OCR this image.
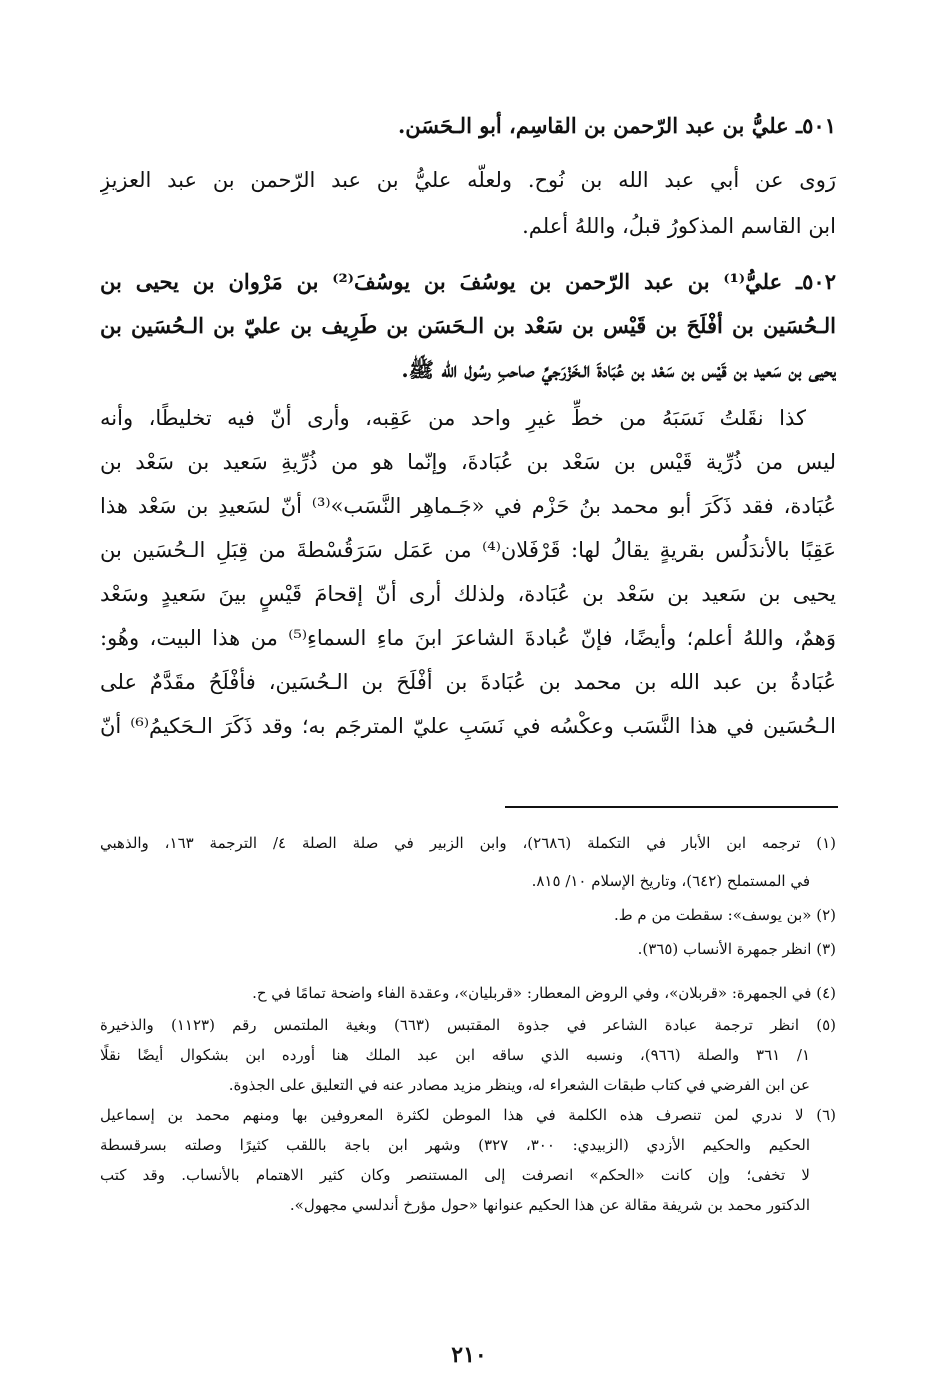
٥٠١ـ عليُّ بن عبد الرّحمن بن القاسِم، أبو الـحَسَن.
رَوى عن أبي عبد الله بن نُوح. ولعلّه عليُّ بن عبد الرّحمن بن عبد العزيزِ
ابن القاسم المذكورُ قبلُ، واللهُ أعلم.
٥٠٢ـ عليُّ⁽¹⁾ بن عبد الرّحمن بن يوسُفَ بن يوسُفَ⁽²⁾ بن مَرْوان بن يحيى بن
الـحُسَين بن أفْلَحَ بن قَيْس بن سَعْد بن الـحَسَن بن طَرِيف بن عليّ بن الـحُسَين بن
يحيى بن سَعيد بن قَيْس بن سَعْد بن عُبَادةَ الـخَزْرَجيِّ صاحبِ رسُول الله ﷺ.
كذا نقَلتُ نَسَبَهُ من خطِّ غيرِ واحد من عَقِبه، وأرى أنّ فيه تخليطًا، وأنه
ليس من ذُرِّية قَيْس بن سَعْد بن عُبَادةَ، وإنّما هو من ذُرِّيةِ سَعيد بن سَعْد بن
عُبَادة، فقد ذَكَرَ أبو محمد بنُ حَزْم في «جَـماهِر النَّسَب»⁽³⁾ أنّ لسَعيدِ بن سَعْد هذا
عَقِبًا بالأندَلُس بقريةٍ يقالُ لها: قَرْفَلان⁽⁴⁾ من عَمَل سَرَقُسْطةَ من قِبَلِ الـحُسَين بن
يحيى بن سَعيد بن سَعْد بن عُبَادة، ولذلك أرى أنّ إقحامَ قَيْسٍ بينَ سَعيدٍ وسَعْد
وَهمٌ، واللهُ أعلم؛ وأيضًا، فإنّ عُبادةَ الشاعرَ ابنَ ماءِ السماءِ⁽⁵⁾ من هذا البيت، وهُو:
عُبَادةُ بن عبد الله بن محمد بن عُبَادةَ بن أفْلَحَ بن الـحُسَين، فأفْلَحُ مقَدَّمٌ على
الـحُسَين في هذا النَّسَب وعكْسُه في نَسَبِ عليّ المترجَم به؛ وقد ذَكَرَ الـحَكيمُ⁽⁶⁾ أنّ
(١) ترجمه ابن الأبار في التكملة (٢٦٨٦)، وابن الزبير في صلة الصلة ٤/ الترجمة ١٦٣، والذهبي
في المستملح (٦٤٢)، وتاريخ الإسلام ١٠/ ٨١٥.
(٢) «بن يوسف»: سقطت من م ط.
(٣) انظر جمهرة الأنساب (٣٦٥).
(٤) في الجمهرة: «قربلان»، وفي الروض المعطار: «قربليان»، وعقدة الفاء واضحة تمامًا في ح.
(٥) انظر ترجمة عبادة الشاعر في جذوة المقتبس (٦٦٣) وبغية الملتمس رقم (١١٢٣) والذخيرة
١/ ٣٦١ والصلة (٩٦٦)، ونسبه الذي ساقه ابن عبد الملك هنا أورده ابن بشكوال أيضًا نقلًا
عن ابن الفرضي في كتاب طبقات الشعراء له، وينظر مزيد مصادر عنه في التعليق على الجذوة.
(٦) لا ندري لمن تنصرف هذه الكلمة في هذا الموطن لكثرة المعروفين بها ومنهم محمد بن إسماعيل
الحكيم والحكيم الأزدي (الزبيدي: ٣٠٠، ٣٢٧) وشهر ابن باجة باللقب كثيرًا وصلته بسرقسطة
لا تخفى؛ وإن كانت «الحكم» انصرفت إلى المستنصر وكان كثير الاهتمام بالأنساب. وقد كتب
الدكتور محمد بن شريفة مقالة عن هذا الحكيم عنوانها «حول مؤرخ أندلسي مجهول».
٢١٠
